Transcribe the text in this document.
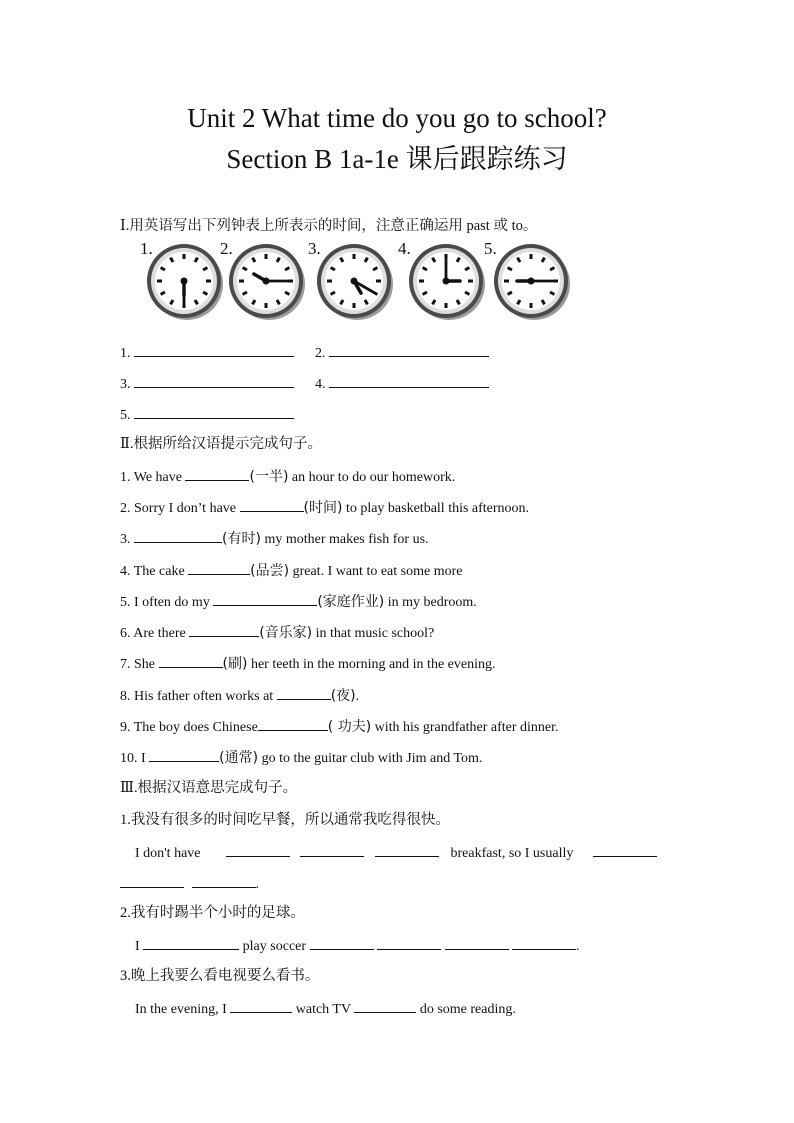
Unit 2 What time do you go to school?
Section B 1a-1e 课后跟踪练习
Ⅰ.用英语写出下列钟表上所表示的时间，注意正确运用 past 或 to。
1.	2.	3.	4.	5.
1.	2.
3.	4.
5.
Ⅱ.根据所给汉语提示完成句子。
1. We have	(一半) an hour to do our homework.
2. Sorry I don’t have	(时间) to play basketball this afternoon.
3.	(有时) my mother makes fish for us.
4. The cake	(品尝) great. I want to eat some more
5. I often do my	(家庭作业) in my bedroom.
6. Are there	(音乐家) in that music school?
7. She	(刷) her teeth in the morning and in the evening.
8. His father often works at	(夜).
9. The boy does Chinese	( 功夫) with his grandfather after dinner.
10. I	(通常) go to the guitar club with Jim and Tom.
Ⅲ.根据汉语意思完成句子。
1.我没有很多的时间吃早餐，所以通常我吃得很快。
I don't have	breakfast, so I usually
.
2.我有时踢半个小时的足球。
I	play soccer	.
3.晚上我要么看电视要么看书。
In the evening, I	watch TV	do some reading.
